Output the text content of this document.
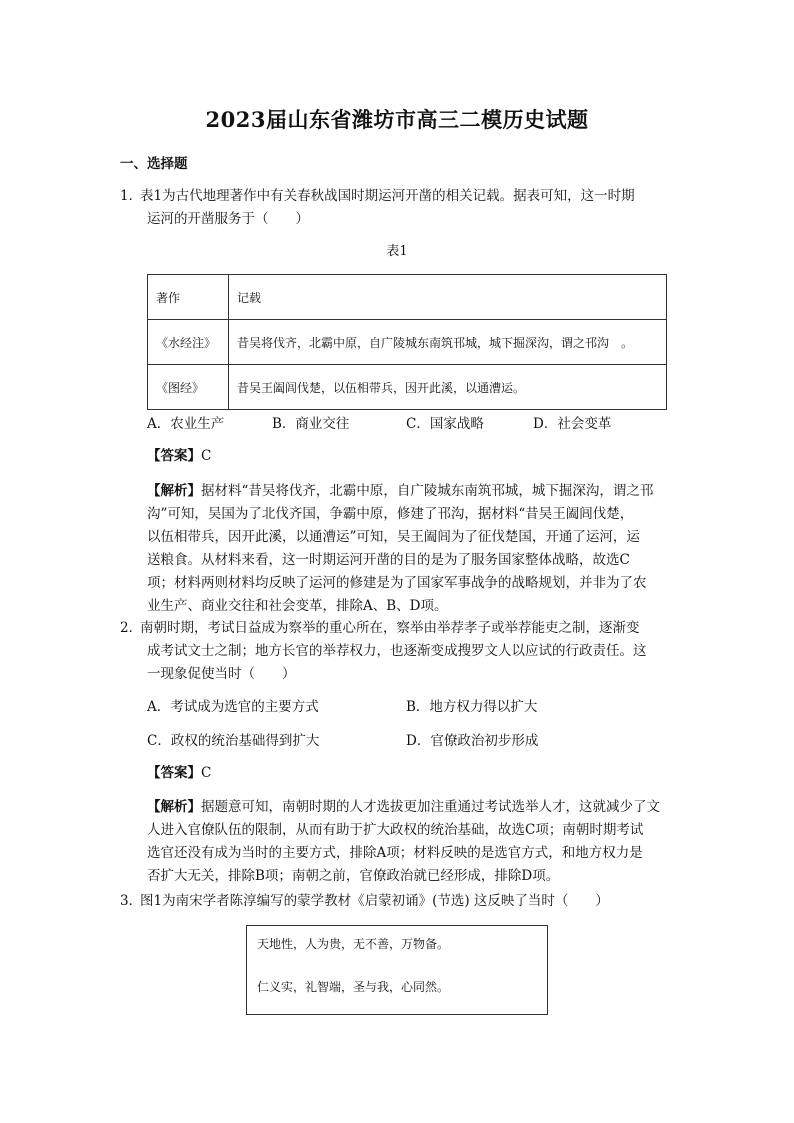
2023届山东省潍坊市高三二模历史试题
一、选择题
1．表1为古代地理著作中有关春秋战国时期运河开凿的相关记载。据表可知，这一时期
运河的开凿服务于（　　）
表1
著作	记载
《水经注》	昔吴将伐齐，北霸中原，自广陵城东南筑邗城，城下掘深沟，谓之邗沟　。
《图经》	昔吴王阖闾伐楚，以伍相带兵，因开此溪，以通漕运。
A．农业生产	B．商业交往	C．国家战略	D．社会变革
【答案】C
【解析】据材料“昔吴将伐齐，北霸中原，自广陵城东南筑邗城，城下掘深沟，谓之邗
沟”可知，吴国为了北伐齐国，争霸中原，修建了邗沟，据材料“昔吴王阖闾伐楚，
以伍相带兵，因开此溪，以通漕运”可知，吴王阖闾为了征伐楚国，开通了运河，运
送粮食。从材料来看，这一时期运河开凿的目的是为了服务国家整体战略，故选C
项；材料两则材料均反映了运河的修建是为了国家军事战争的战略规划，并非为了农
业生产、商业交往和社会变革，排除A、B、D项。
2．南朝时期，考试日益成为察举的重心所在，察举由举荐孝子或举荐能吏之制，逐渐变
成考试文士之制；地方长官的举荐权力，也逐渐变成搜罗文人以应试的行政责任。这
一现象促使当时（　　）
A．考试成为选官的主要方式	B．地方权力得以扩大
C．政权的统治基础得到扩大	D．官僚政治初步形成
【答案】C
【解析】据题意可知，南朝时期的人才选拔更加注重通过考试选举人才，这就减少了文
人进入官僚队伍的限制，从而有助于扩大政权的统治基础，故选C项；南朝时期考试
选官还没有成为当时的主要方式，排除A项；材料反映的是选官方式，和地方权力是
否扩大无关，排除B项；南朝之前，官僚政治就已经形成，排除D项。
3．图1为南宋学者陈淳编写的蒙学教材《启蒙初诵》(节选) 这反映了当时（　　）
天地性，人为贵，无不善，万物备。
仁义实，礼智端，圣与我，心同然。
